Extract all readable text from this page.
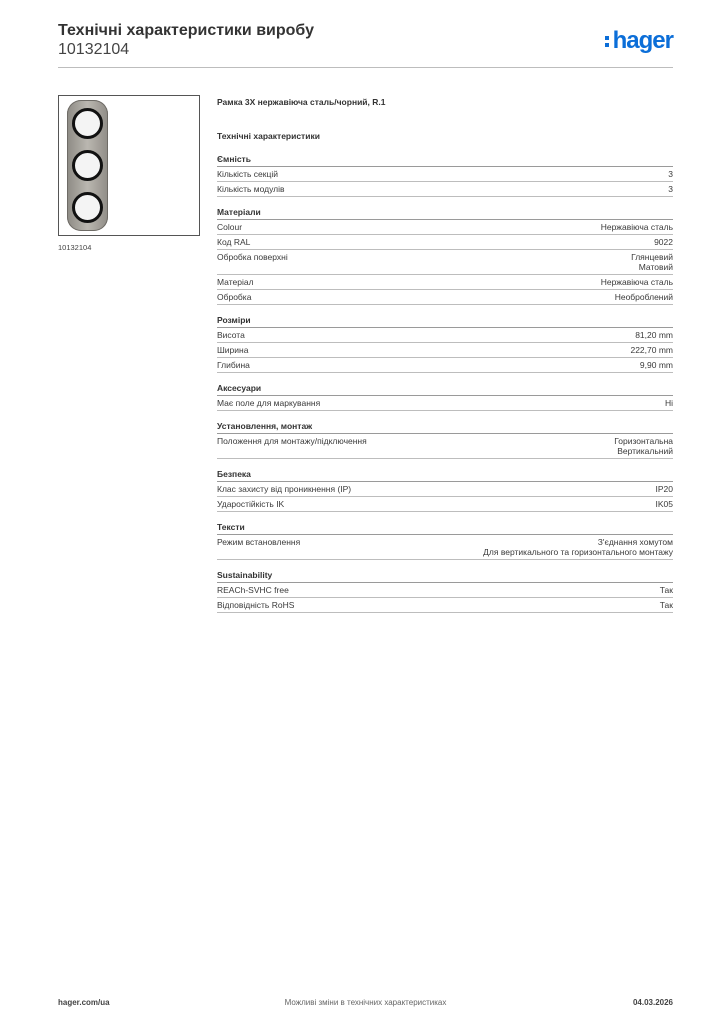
Технічні характеристики виробу
10132104	hager
10132104
Рамка 3X нержавіюча сталь/чорний, R.1
Технічні характеристики
Ємність
Кількість секцій	3
Кількість модулів	3
Матеріали
Colour	Нержавіюча сталь
Код RAL	9022
Обробка поверхні	Глянцевий
Матовий
Матеріал	Нержавіюча сталь
Обробка	Необроблений
Розміри
Висота	81,20 mm
Ширина	222,70 mm
Глибина	9,90 mm
Аксесуари
Має поле для маркування	Ні
Установлення, монтаж
Положення для монтажу/підключення	Горизонтальна
Вертикальний
Безпека
Клас захисту від проникнення (IP)	IP20
Ударостійкість IK	IK05
Тексти
Режим встановлення	З'єднання хомутом
Для вертикального та горизонтального монтажу
Sustainability
REACh-SVHC free	Так
Відповідність RoHS	Так
hager.com/ua	Можливі зміни в технічних характеристиках	04.03.2026
